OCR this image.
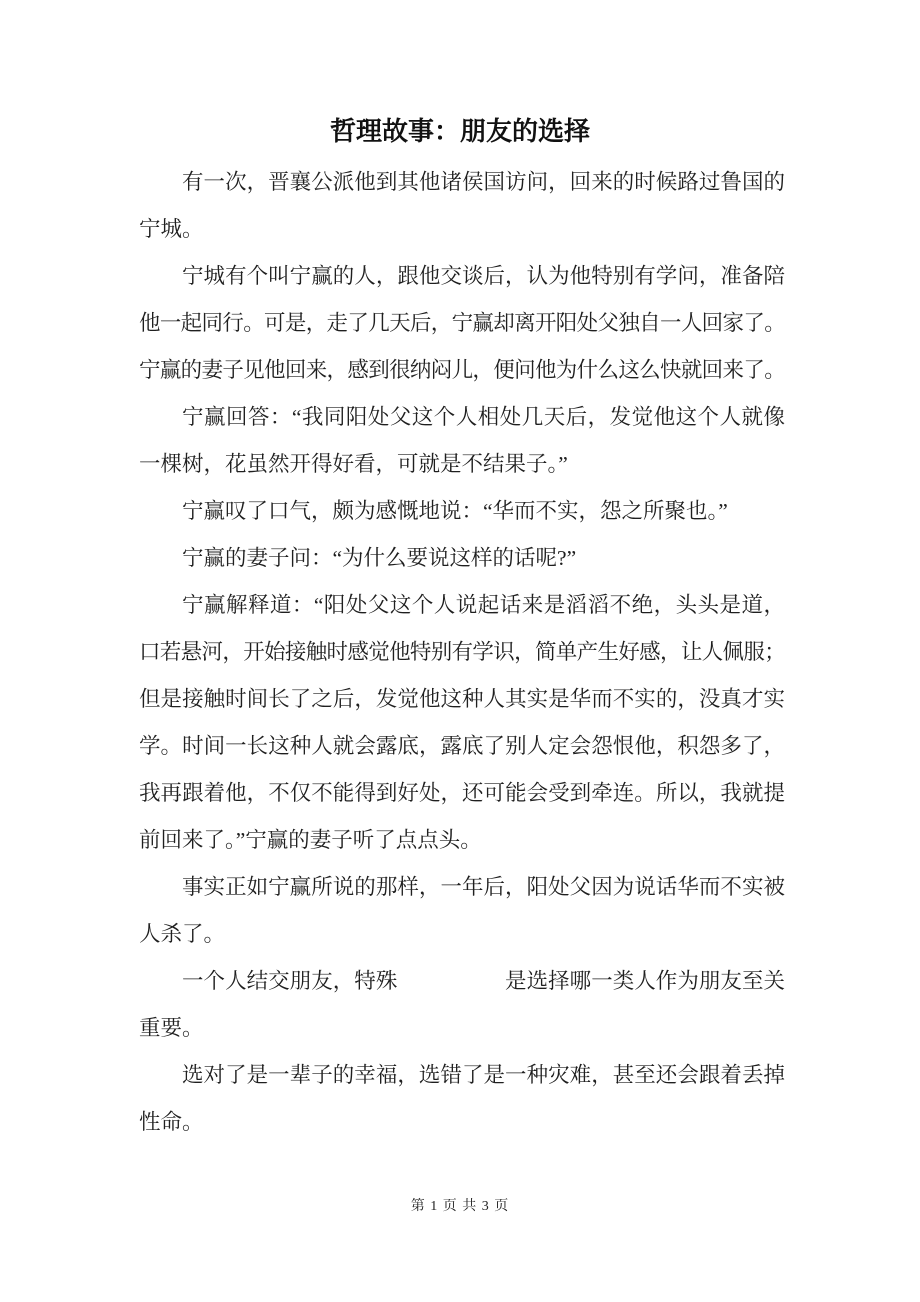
哲理故事：朋友的选择
有一次，晋襄公派他到其他诸侯国访问，回来的时候路过鲁国的
宁城。
宁城有个叫宁赢的人，跟他交谈后，认为他特别有学问，准备陪
他一起同行。可是，走了几天后，宁赢却离开阳处父独自一人回家了。
宁赢的妻子见他回来，感到很纳闷儿，便问他为什么这么快就回来了。
宁赢回答：“我同阳处父这个人相处几天后，发觉他这个人就像
一棵树，花虽然开得好看，可就是不结果子。”
宁赢叹了口气，颇为感慨地说：“华而不实，怨之所聚也。”
宁赢的妻子问：“为什么要说这样的话呢?”
宁赢解释道：“阳处父这个人说起话来是滔滔不绝，头头是道，
口若悬河，开始接触时感觉他特别有学识，简单产生好感，让人佩服；
但是接触时间长了之后，发觉他这种人其实是华而不实的，没真才实
学。时间一长这种人就会露底，露底了别人定会怨恨他，积怨多了，
我再跟着他，不仅不能得到好处，还可能会受到牵连。所以，我就提
前回来了。”宁赢的妻子听了点点头。
事实正如宁赢所说的那样，一年后，阳处父因为说话华而不实被
人杀了。
一个人结交朋友，特殊　　　　　是选择哪一类人作为朋友至关
重要。
选对了是一辈子的幸福，选错了是一种灾难，甚至还会跟着丢掉
性命。
第 1 页 共 3 页
